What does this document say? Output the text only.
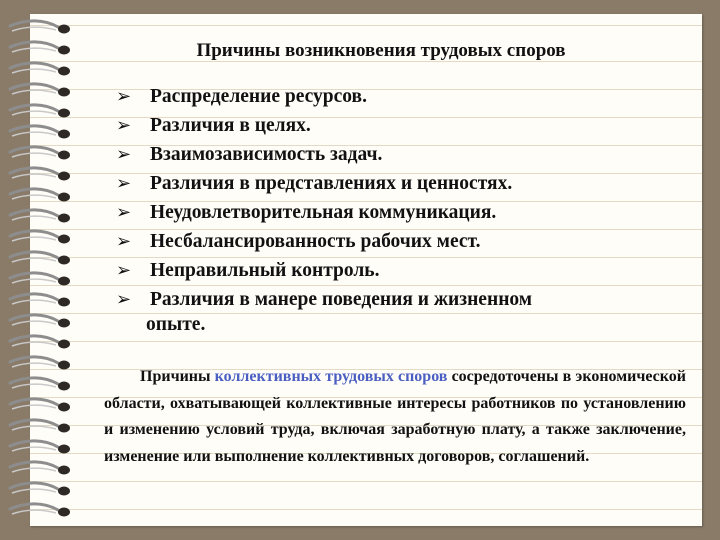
Причины возникновения трудовых споров
➢ Распределение ресурсов.
➢ Различия в целях.
➢ Взаимозависимость задач.
➢ Различия в представлениях и ценностях.
➢ Неудовлетворительная коммуникация.
➢ Несбалансированность рабочих мест.
➢ Неправильный контроль.
➢ Различия в манере поведения и жизненном
опыте.

Причины коллективных трудовых споров сосредоточены в экономической области, охватывающей коллективные интересы работников по установлению и изменению условий труда, включая заработную плату, а также заключение, изменение или выполнение коллективных договоров, соглашений.
